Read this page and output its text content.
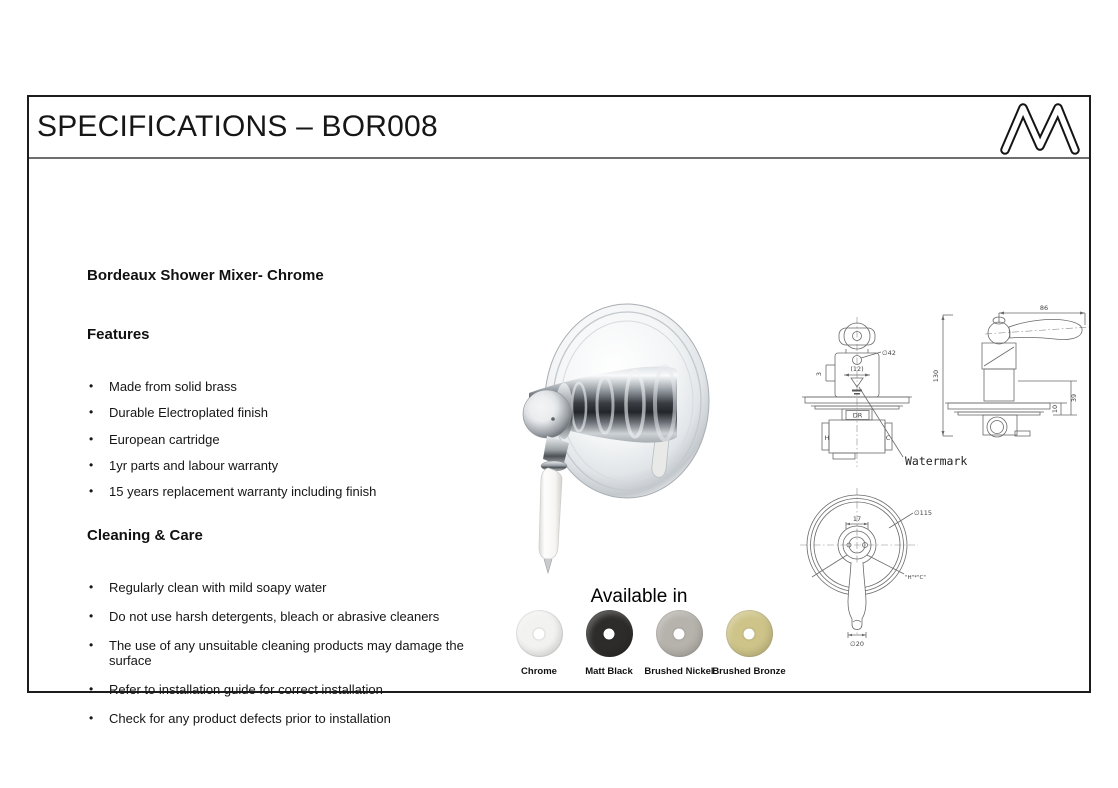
SPECIFICATIONS – BOR008
Bordeaux Shower Mixer- Chrome
Features
•	Made from solid brass
•	Durable Electroplated finish
•	European cartridge
•	1yr parts and labour warranty
•	15 years replacement warranty including finish
Cleaning & Care
•	Regularly clean with mild soapy water
•	Do not use harsh detergents, bleach or abrasive cleaners
•	The use of any unsuitable cleaning products may damage the surface
•	Refer to installation guide for correct installation
•	Check for any product defects prior to installation
∅42
(12)
3
DR
H	C
Watermark
86
130
39
10
∅115
17
"H"*"C"
∅20
Available in
Chrome	Matt Black Brushed Nickel
Brushed Bronze
